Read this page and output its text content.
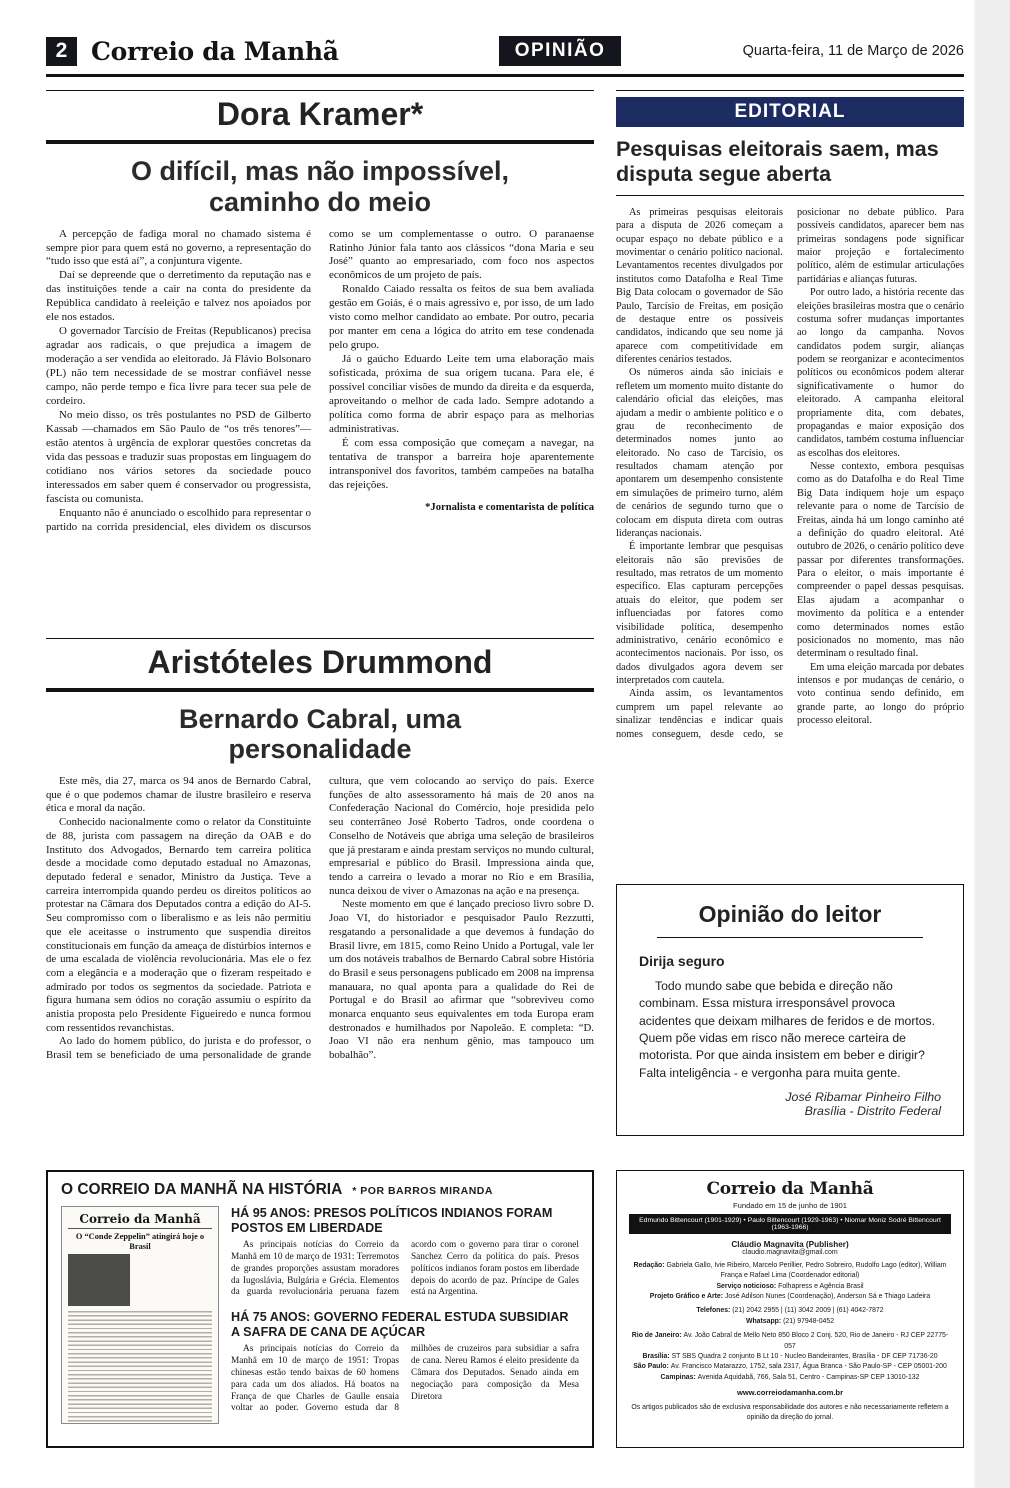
2 Correio da Manhã	OPINIÃO	Quarta-feira, 11 de Março de 2026
Dora Kramer*
O difícil, mas não impossível, caminho do meio

A percepção de fadiga moral no chamado sistema é sempre pior para quem está no governo, a representação do “tudo isso que está aí”, a conjuntura vigente.

Daí se depreende que o derretimento da reputação nas e das instituições tende a cair na conta do presidente da República candidato à reeleição e talvez nos apoiados por ele nos estados.

O governador Tarcísio de Freitas (Republicanos) precisa agradar aos radicais, o que prejudica a imagem de moderação a ser vendida ao eleitorado. Já Flávio Bolsonaro (PL) não tem necessidade de se mostrar confiável nesse campo, não perde tempo e fica livre para tecer sua pele de cordeiro.

No meio disso, os três postulantes no PSD de Gilberto Kassab —chamados em São Paulo de “os três tenores”— estão atentos à urgência de explorar questões concretas da vida das pessoas e traduzir suas propostas em linguagem do cotidiano nos vários setores da sociedade pouco interessados em saber quem é conservador ou progressista, fascista ou comunista.

Enquanto não é anunciado o escolhido para representar o partido na corrida presidencial, eles dividem os discursos como se um complementasse o outro. O paranaense Ratinho Júnior fala tanto aos clássicos “dona Maria e seu José” quanto ao empresariado, com foco nos aspectos econômicos de um projeto de país.

Ronaldo Caiado ressalta os feitos de sua bem avaliada gestão em Goiás, é o mais agressivo e, por isso, de um lado visto como melhor candidato ao embate. Por outro, pecaria por manter em cena a lógica do atrito em tese condenada pelo grupo.

Já o gaúcho Eduardo Leite tem uma elaboração mais sofisticada, próxima de sua origem tucana. Para ele, é possível conciliar visões de mundo da direita e da esquerda, aproveitando o melhor de cada lado. Sempre adotando a política como forma de abrir espaço para as melhorias administrativas.

É com essa composição que começam a navegar, na tentativa de transpor a barreira hoje aparentemente intransponível dos favoritos, também campeões na batalha das rejeições.

*Jornalista e comentarista de política
Aristóteles Drummond
Bernardo Cabral, uma personalidade

Este mês, dia 27, marca os 94 anos de Bernardo Cabral, que é o que podemos chamar de ilustre brasileiro e reserva ética e moral da nação.

Conhecido nacionalmente como o relator da Constituinte de 88, jurista com passagem na direção da OAB e do Instituto dos Advogados, Bernardo tem carreira política desde a mocidade como deputado estadual no Amazonas, deputado federal e senador, Ministro da Justiça. Teve a carreira interrompida quando perdeu os direitos políticos ao protestar na Câmara dos Deputados contra a edição do AI-5. Seu compromisso com o liberalismo e as leis não permitiu que ele aceitasse o instrumento que suspendia direitos constitucionais em função da ameaça de distúrbios internos e de uma escalada de violência revolucionária. Mas ele o fez com a elegância e a moderação que o fizeram respeitado e admirado por todos os segmentos da sociedade. Patriota e figura humana sem ódios no coração assumiu o espírito da anistia proposta pelo Presidente Figueiredo e nunca formou com ressentidos revanchistas.

Ao lado do homem público, do jurista e do professor, o Brasil tem se beneficiado de uma personalidade de grande cultura, que vem colocando ao serviço do país. Exerce funções de alto assessoramento há mais de 20 anos na Confederação Nacional do Comércio, hoje presidida pelo seu conterrâneo José Roberto Tadros, onde coordena o Conselho de Notáveis que abriga uma seleção de brasileiros que já prestaram e ainda prestam serviços no mundo cultural, empresarial e público do Brasil. Impressiona ainda que, tendo a carreira o levado a morar no Rio e em Brasília, nunca deixou de viver o Amazonas na ação e na presença.

Neste momento em que é lançado precioso livro sobre D. Joao VI, do historiador e pesquisador Paulo Rezzutti, resgatando a personalidade a que devemos à fundação do Brasil livre, em 1815, como Reino Unido a Portugal, vale ler um dos notáveis trabalhos de Bernardo Cabral sobre História do Brasil e seus personagens publicado em 2008 na imprensa manauara, no qual aponta para a qualidade do Rei de Portugal e do Brasil ao afirmar que “sobreviveu como monarca enquanto seus equivalentes em toda Europa eram destronados e humilhados por Napoleão. E completa: “D. Joao VI não era nenhum gênio, mas tampouco um bobalhão”.

EDITORIAL
Pesquisas eleitorais saem, mas disputa segue aberta

As primeiras pesquisas eleitorais para a disputa de 2026 começam a ocupar espaço no debate público e a movimentar o cenário político nacional. Levantamentos recentes divulgados por institutos como Datafolha e Real Time Big Data colocam o governador de São Paulo, Tarcísio de Freitas, em posição de destaque entre os possíveis candidatos, indicando que seu nome já aparece com competitividade em diferentes cenários testados.

Os números ainda são iniciais e refletem um momento muito distante do calendário oficial das eleições, mas ajudam a medir o ambiente político e o grau de reconhecimento de determinados nomes junto ao eleitorado. No caso de Tarcísio, os resultados chamam atenção por apontarem um desempenho consistente em simulações de primeiro turno, além de cenários de segundo turno que o colocam em disputa direta com outras lideranças nacionais.

É importante lembrar que pesquisas eleitorais não são previsões de resultado, mas retratos de um momento específico. Elas capturam percepções atuais do eleitor, que podem ser influenciadas por fatores como visibilidade política, desempenho administrativo, cenário econômico e acontecimentos nacionais. Por isso, os dados divulgados agora devem ser interpretados com cautela.

Ainda assim, os levantamentos cumprem um papel relevante ao sinalizar tendências e indicar quais nomes conseguem, desde cedo, se posicionar no debate público. Para possíveis candidatos, aparecer bem nas primeiras sondagens pode significar maior projeção e fortalecimento político, além de estimular articulações partidárias e alianças futuras.

Por outro lado, a história recente das eleições brasileiras mostra que o cenário costuma sofrer mudanças importantes ao longo da campanha. Novos candidatos podem surgir, alianças podem se reorganizar e acontecimentos políticos ou econômicos podem alterar significativamente o humor do eleitorado. A campanha eleitoral propriamente dita, com debates, propagandas e maior exposição dos candidatos, também costuma influenciar as escolhas dos eleitores.

Nesse contexto, embora pesquisas como as do Datafolha e do Real Time Big Data indiquem hoje um espaço relevante para o nome de Tarcísio de Freitas, ainda há um longo caminho até a definição do quadro eleitoral. Até outubro de 2026, o cenário político deve passar por diferentes transformações. Para o eleitor, o mais importante é compreender o papel dessas pesquisas. Elas ajudam a acompanhar o movimento da política e a entender como determinados nomes estão posicionados no momento, mas não determinam o resultado final.

Em uma eleição marcada por debates intensos e por mudanças de cenário, o voto continua sendo definido, em grande parte, ao longo do próprio processo eleitoral.

Opinião do leitor
Dirija seguro
Todo mundo sabe que bebida e direção não combinam. Essa mistura irresponsável provoca acidentes que deixam milhares de feridos e de mortos. Quem põe vidas em risco não merece carteira de motorista. Por que ainda insistem em beber e dirigir? Falta inteligência - e vergonha para muita gente.
José Ribamar Pinheiro Filho
Brasília - Distrito Federal
O CORREIO DA MANHÃ NA HISTÓRIA * POR BARROS MIRANDA
Correio da Manhã
O “Conde Zeppelin” atingirá hoje o Brasil
HÁ 95 ANOS: PRESOS POLÍTICOS INDIANOS FORAM POSTOS EM LIBERDADE
As principais notícias do Correio da Manhã em 10 de março de 1931: Terremotos de grandes proporções assustam moradores da Iugoslávia, Bulgária e Grécia. Elementos da guarda revolucionária peruana fazem acordo com o governo para tirar o coronel Sanchez Cerro da política do país. Presos políticos indianos foram postos em liberdade depois do acordo de paz. Príncipe de Gales está na Argentina.
HÁ 75 ANOS: GOVERNO FEDERAL ESTUDA SUBSIDIAR A SAFRA DE CANA DE AÇÚCAR
As principais notícias do Correio da Manhã em 10 de março de 1951: Tropas chinesas estão tendo baixas de 60 homens para cada um dos aliados. Há boatos na França de que Charles de Gaulle ensaia voltar ao poder. Governo estuda dar 8 milhões de cruzeiros para subsidiar a safra de cana. Nereu Ramos é eleito presidente da Câmara dos Deputados. Senado ainda em negociação para composição da Mesa Diretora
Correio da Manhã
Fundado em 15 de junho de 1901
Edmundo Bittencourt (1901-1929) • Paulo Bittencourt (1929-1963) • Niomar Moniz Sodré Bittencourt (1963-1966)
Cláudio Magnavita (Publisher)
claudio.magnavita@gmail.com
Redação: Gabriela Gallo, Ivie Ribeiro, Marcelo Perillier, Pedro Sobreiro, Rudolfo Lago (editor), William França e Rafael Lima (Coordenador editorial)
Serviço noticioso: Folhapress e Agência Brasil
Projeto Gráfico e Arte: José Adilson Nunes (Coordenação), Anderson Sá e Thiago Ladeira
Telefones: (21) 2042 2955 | (11) 3042 2009 | (61) 4042-7872
Whatsapp: (21) 97948-0452
Rio de Janeiro: Av. João Cabral de Mello Neto 850 Bloco 2 Conj. 520, Rio de Janeiro - RJ CEP 22775-057
Brasília: ST SBS Quadra 2 conjunto B Lt 10 - Nucleo Bandeirantes, Brasília - DF CEP 71736-20
São Paulo: Av. Francisco Matarazzo, 1752, sala 2317, Água Branca - São Paulo-SP - CEP 05001-200
Campinas: Avenida Aquidabã, 766, Sala 51, Centro - Campinas-SP CEP 13010-132
www.correiodamanha.com.br
Os artigos publicados são de exclusiva responsabilidade dos autores e não necessariamente refletem a opinião da direção do jornal.
